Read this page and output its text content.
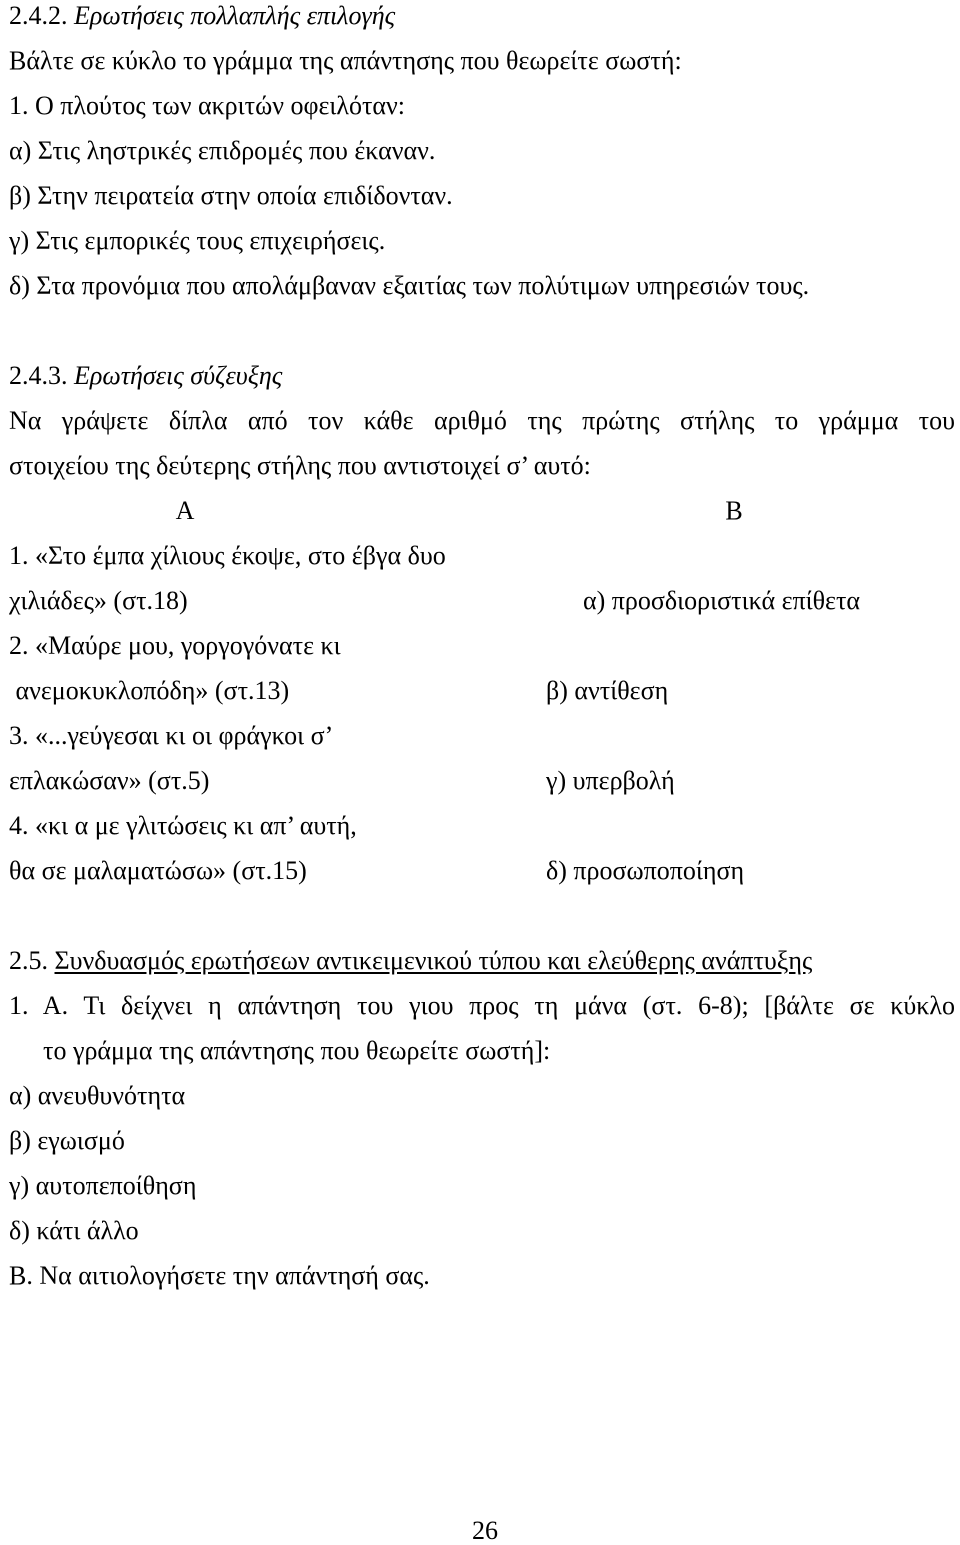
2.4.2. Ερωτήσεις πολλαπλής επιλογής
Βάλτε σε κύκλο το γράμμα της απάντησης που θεωρείτε σωστή:
1. Ο πλούτος των ακριτών οφειλόταν:
α) Στις ληστρικές επιδρομές που έκαναν.
β) Στην πειρατεία στην οποία επιδίδονταν.
γ) Στις εμπορικές τους επιχειρήσεις.
δ) Στα προνόμια που απολάμβαναν εξαιτίας των πολύτιμων υπηρεσιών τους.
2.4.3. Ερωτήσεις σύζευξης
Να γράψετε δίπλα από τον κάθε αριθμό της πρώτης στήλης το γράμμα του
στοιχείου της δεύτερης στήλης που αντιστοιχεί σ’ αυτό:
Α	Β
1. «Στο έμπα χίλιους έκοψε, στο έβγα δυο
χιλιάδες» (στ.18)	α) προσδιοριστικά επίθετα
2. «Μαύρε μου, γοργογόνατε κι
ανεμοκυκλοπόδη» (στ.13)	β) αντίθεση
3. «...γεύγεσαι κι οι φράγκοι σ’
επλακώσαν» (στ.5)	γ) υπερβολή
4. «κι α με γλιτώσεις κι απ’ αυτή,
θα σε μαλαματώσω» (στ.15)	δ) προσωποποίηση
2.5. Συνδυασμός ερωτήσεων αντικειμενικού τύπου και ελεύθερης ανάπτυξης
1. Α. Τι δείχνει η απάντηση του γιου προς τη μάνα (στ. 6-8); [βάλτε σε κύκλο
το γράμμα της απάντησης που θεωρείτε σωστή]:
α) ανευθυνότητα
β) εγωισμό
γ) αυτοπεποίθηση
δ) κάτι άλλο
Β. Να αιτιολογήσετε την απάντησή σας.
26
